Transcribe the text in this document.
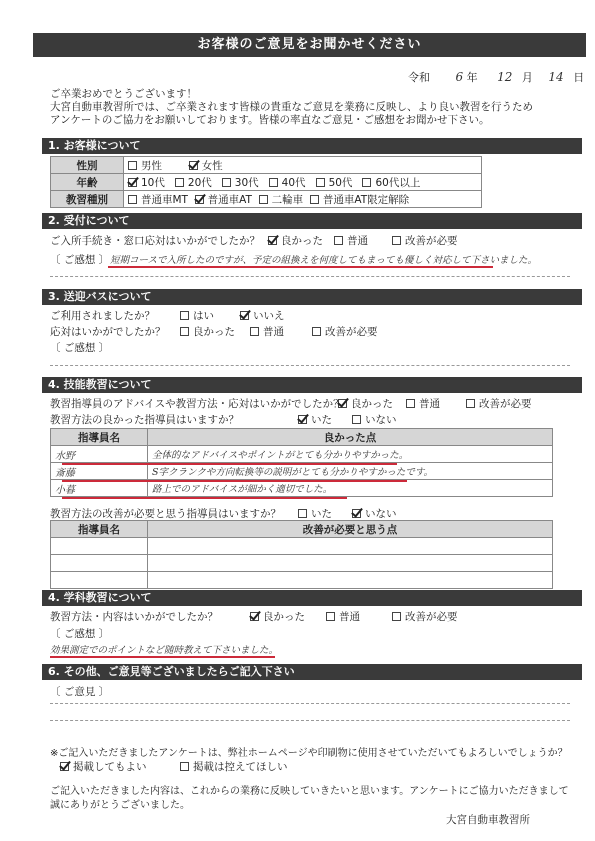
お客様のご意見をお聞かせください
令和 6 年 12 月 14 日
ご卒業おめでとうございます！
大宮自動車教習所では、ご卒業されます皆様の貴重なご意見を業務に反映し、より良い教習を行うため
アンケートのご協力をお願いしております。皆様の率直なご意見・ご感想をお聞かせ下さい。
1. お客様について
性別	男性 女性
年齢	10代 20代 30代 40代 50代 60代以上
教習種別	普通車MT 普通車AT 二輪車 普通車AT限定解除
2. 受付について
ご入所手続き・窓口応対はいかがでしたか？	良かった	普通	改善が必要
〔 ご感想 〕 短期コースで入所したのですが、予定の組換えを何度してもまっても優しく対応して下さいました。
3. 送迎バスについて
ご利用されましたか？	はい	いいえ
応対はいかがでしたか？	良かった	普通	改善が必要
〔 ご感想 〕
4. 技能教習について
教習指導員のアドバイスや教習方法・応対はいかがでしたか？ 良かった	普通	改善が必要
教習方法の良かった指導員はいますか？	いた	いない
指導員名	良かった点
水野	全体的なアドバイスやポイントがとても分かりやすかった。
斎藤	S字クランクや方向転換等の説明がとても分かりやすかったです。
小暮	路上でのアドバイスが細かく適切でした。
教習方法の改善が必要と思う指導員はいますか？	いた	いない
指導員名	改善が必要と思う点

4. 学科教習について
教習方法・内容はいかがでしたか？	良かった	普通	改善が必要
〔 ご感想 〕
効果測定でのポイントなど随時教えて下さいました。
6. その他、ご意見等ございましたらご記入下さい
〔 ご意見 〕
※ご記入いただきましたアンケートは、弊社ホームページや印刷物に使用させていただいてもよろしいでしょうか？
掲載してもよい	掲載は控えてほしい
ご記入いただきました内容は、これからの業務に反映していきたいと思います。アンケートにご協力いただきまして
誠にありがとうございました。
大宮自動車教習所
